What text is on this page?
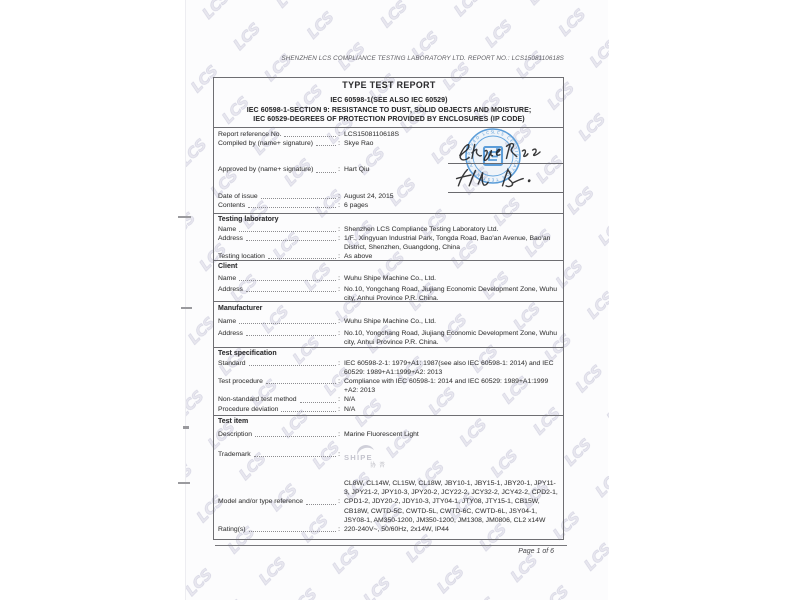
SHENZHEN LCS COMPLIANCE TESTING LABORATORY LTD. REPORT NO.: LCS1508110618S
TYPE TEST REPORT
IEC 60598-1(SEE ALSO IEC 60529)
IEC 60598-1-SECTION 9: RESISTANCE TO DUST, SOLID OBJECTS AND MOISTURE;
IEC 60529-DEGREES OF PROTECTION PROVIDED BY ENCLOSURES (IP CODE)
Report reference No.	: LCS1508110618S
Compiled by (name+ signature)	: Skye Rao
Approved by (name+ signature)	: Hart Qiu
Date of issue	: August 24, 2015
Contents	: 6 pages
Testing laboratory
Name	: Shenzhen LCS Compliance Testing Laboratory Ltd.
Address	: 1/F., Xingyuan Industrial Park, Tongda Road, Bao'an Avenue, Bao'an District, Shenzhen, Guangdong, China
Testing location	: As above
Client
Name	: Wuhu Shipe Machine Co., Ltd.
Address	: No.10, Yongchang Road, Jiujiang Economic Development Zone, Wuhu city, Anhui Province P.R. China.
Manufacturer
Name	: Wuhu Shipe Machine Co., Ltd.
Address	: No.10, Yongchang Road, Jiujiang Economic Development Zone, Wuhu city, Anhui Province P.R. China.
Test specification
Standard	: IEC 60598-2-1: 1979+A1: 1987(see also IEC 60598-1: 2014) and IEC 60529: 1989+A1:1999+A2: 2013
Test procedure	: Compliance with IEC 60598-1: 2014 and IEC 60529: 1989+A1:1999 +A2: 2013
Non-standard test method	: N/A
Procedure deviation	: N/A
Test item
Description	: Marine Fluorescent Light
Trademark	: SHIPE
协普
Model and/or type reference	:
CL8W, CL14W, CL15W, CL18W, JBY10-1, JBY15-1, JBY20-1, JPY11-3, JPY21-2, JPY10-3, JPY20-2, JCY22-2, JCY32-2, JCY42-2, CPD2-1, CPD1-2, JDY20-2, JDY10-3, JTY04-1, JTY08, JTY15-1, CB15W, CB18W, CWTD-5C, CWTD-5L, CWTD-6C, CWTD-6L, JSY04-1, JSY08-1, AM350-1200, JM350-1200, JM1308, JM0806, CL2 x14W
Rating(s)	: 220-240V~, 50/60Hz, 2x14W, IP44
LCS CERTIFICATION TESTING APPROVED LCS
Page 1 of 6
